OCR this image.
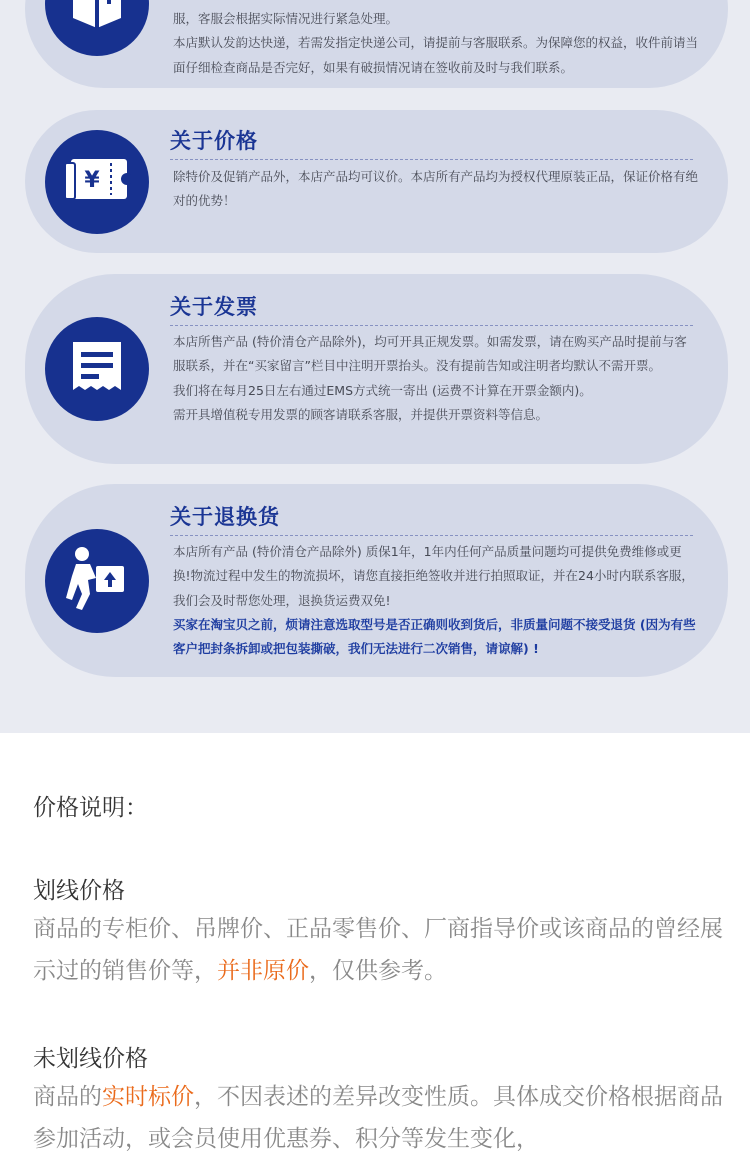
服，客服会根据实际情况进行紧急处理。

本店默认发韵达快递，若需发指定快递公司，请提前与客服联系。为保障您的权益，收件前请当面仔细检查商品是否完好，如果有破损情况请在签收前及时与我们联系。

¥
关于价格

除特价及促销产品外，本店产品均可议价。本店所有产品均为授权代理原装正品，保证价格有绝对的优势！

关于发票

本店所售产品 (特价清仓产品除外)，均可开具正规发票。如需发票，请在购买产品时提前与客服联系，并在“买家留言”栏目中注明开票抬头。没有提前告知或注明者均默认不需开票。

我们将在每月25日左右通过EMS方式统一寄出 (运费不计算在开票金额内)。

需开具增值税专用发票的顾客请联系客服，并提供开票资料等信息。

关于退换货

本店所有产品 (特价清仓产品除外) 质保1年，1年内任何产品质量问题均可提供免费维修或更换!物流过程中发生的物流损坏，请您直接拒绝签收并进行拍照取证，并在24小时内联系客服，我们会及时帮您处理，退换货运费双免!

买家在淘宝贝之前，烦请注意选取型号是否正确则收到货后，非质量问题不接受退货 (因为有些客户把封条拆卸或把包装撕破，我们无法进行二次销售，请谅解) !

价格说明：
划线价格
商品的专柜价、吊牌价、正品零售价、厂商指导价或该商品的曾经展示过的销售价等，并非原价，仅供参考。
未划线价格
商品的实时标价，不因表述的差异改变性质。具体成交价格根据商品参加活动，或会员使用优惠券、积分等发生变化，
